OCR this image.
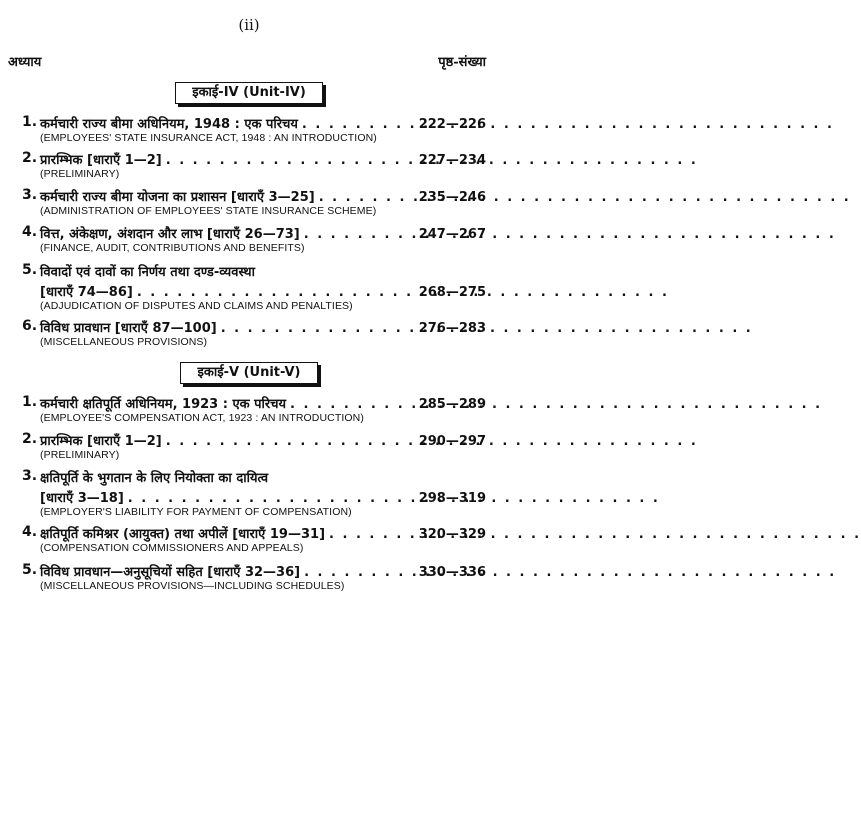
(ii)
अध्याय	पृष्ठ-संख्या
इकाई-IV (Unit-IV)
1. कर्मचारी राज्य बीमा अधिनियम, 1948 : एक परिचय . . .	222—226
(EMPLOYEES' STATE INSURANCE ACT, 1948 : AN INTRODUCTION)
2. प्रारम्भिक [धाराएँ 1—2] . . .	227—234
(PRELIMINARY)
3. कर्मचारी राज्य बीमा योजना का प्रशासन [धाराएँ 3—25] . . .	235—246
(ADMINISTRATION OF EMPLOYEES' STATE INSURANCE SCHEME)
4. वित्त, अंकेक्षण, अंशदान और लाभ [धाराएँ 26—73] . . .	247—267
(FINANCE, AUDIT, CONTRIBUTIONS AND BENEFITS)
5. विवादों एवं दावों का निर्णय तथा दण्ड-व्यवस्था
[धाराएँ 74—86] . . .	268—275
(ADJUDICATION OF DISPUTES AND CLAIMS AND PENALTIES)
6. विविध प्रावधान [धाराएँ 87—100] . . .	276—283
(MISCELLANEOUS PROVISIONS)
इकाई-V (Unit-V)
1. कर्मचारी क्षतिपूर्ति अधिनियम, 1923 : एक परिचय . . .	285—289
(EMPLOYEE'S COMPENSATION ACT, 1923 : AN INTRODUCTION)
2. प्रारम्भिक [धाराएँ 1—2] . . .	290—297
(PRELIMINARY)
3. क्षतिपूर्ति के भुगतान के लिए नियोक्ता का दायित्व
[धाराएँ 3—18] . . .	298—319
(EMPLOYER'S LIABILITY FOR PAYMENT OF COMPENSATION)
4. क्षतिपूर्ति कमिश्नर (आयुक्त) तथा अपीलें [धाराएँ 19—31] . . .	320—329
(COMPENSATION COMMISSIONERS AND APPEALS)
5. विविध प्रावधान—अनुसूचियों सहित [धाराएँ 32—36] . . .	330—336
(MISCELLANEOUS PROVISIONS—INCLUDING SCHEDULES)
